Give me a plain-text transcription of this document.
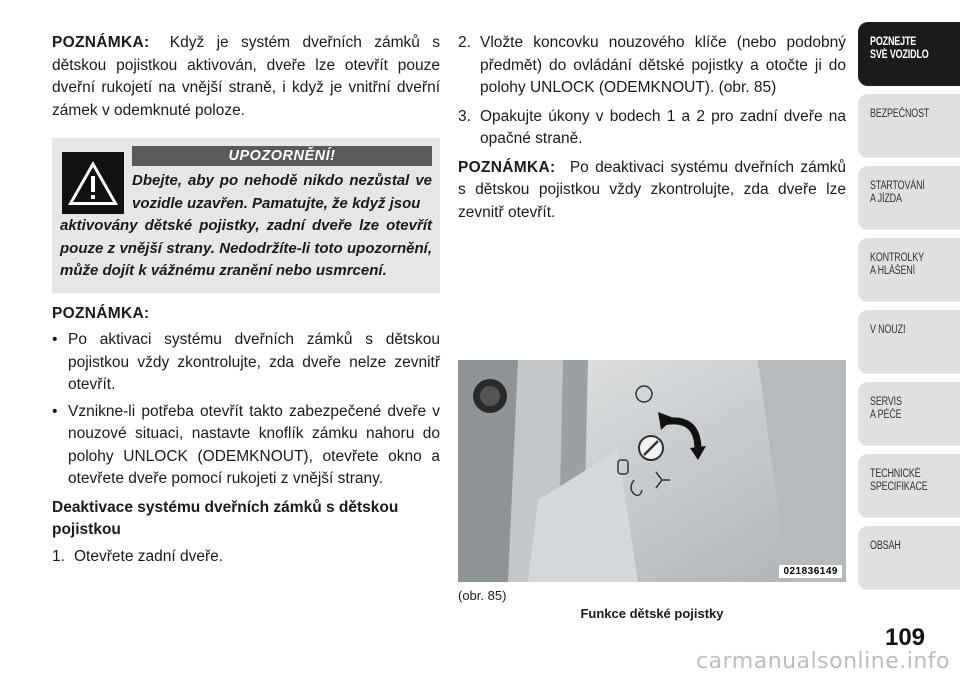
POZNÁMKA: Když je systém dveřních zámků s dětskou pojistkou aktivován, dveře lze otevřít pouze dveřní rukojetí na vnější straně, i když je vnitřní dveřní zámek v odemknuté poloze.

UPOZORNĚNÍ!
Dbejte, aby po nehodě nikdo nezůstal ve vozidle uzavřen. Pamatujte, že když jsou
aktivovány dětské pojistky, zadní dveře lze otevřít pouze z vnější strany. Nedodržíte-li toto upozornění, může dojít k vážnému zranění nebo usmrcení.
POZNÁMKA:
• Po aktivaci systému dveřních zámků s dětskou pojistkou vždy zkontrolujte, zda dveře nelze zevnitř otevřít.
• Vznikne-li potřeba otevřít takto zabezpečené dveře v nouzové situaci, nastavte knoflík zámku nahoru do polohy UNLOCK (ODEMKNOUT), otevřete okno a otevřete dveře pomocí rukojeti z vnější strany.
Deaktivace systému dveřních zámků s dětskou pojistkou
1. Otevřete zadní dveře.
2. Vložte koncovku nouzového klíče (nebo podobný předmět) do ovládání dětské pojistky a otočte ji do polohy UNLOCK (ODEMKNOUT). (obr. 85)
3. Opakujte úkony v bodech 1 a 2 pro zadní dveře na opačné straně.

POZNÁMKA: Po deaktivaci systému dveřních zámků s dětskou pojistkou vždy zkontrolujte, zda dveře lze zevnitř otevřít.

021836149
(obr. 85)
Funkce dětské pojistky
POZNEJTE
SVÉ VOZIDLO
BEZPEČNOST
STARTOVÁNÍ
A JÍZDA
KONTROLKY
A HLÁŠENÍ
V NOUZI
SERVIS
A PÉČE
TECHNICKÉ
SPECIFIKACE
OBSAH
109
carmanualsonline.info
